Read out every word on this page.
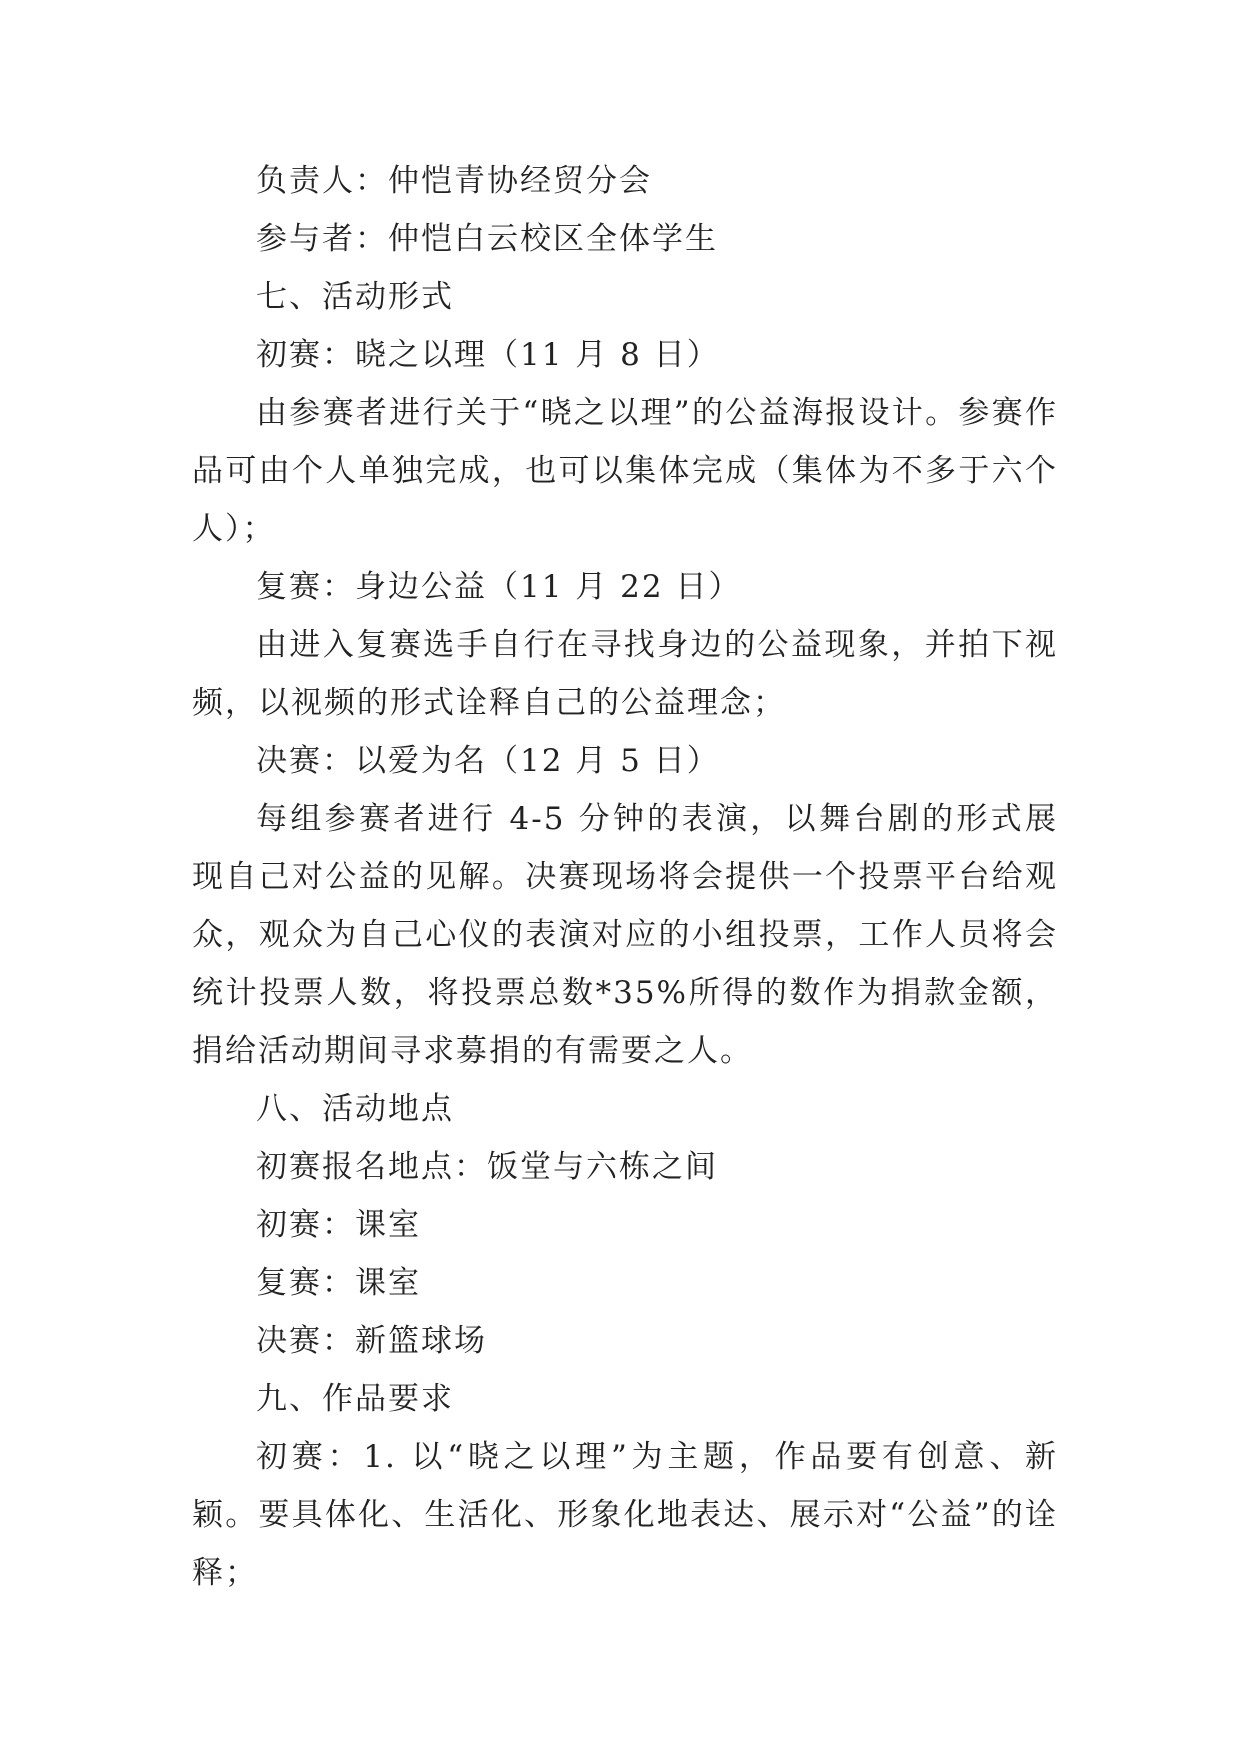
负责人：仲恺青协经贸分会

参与者：仲恺白云校区全体学生

七、活动形式

初赛：晓之以理（11 月 8 日）

由参赛者进行关于“晓之以理”的公益海报设计。参赛作品可由个人单独完成，也可以集体完成（集体为不多于六个人）；

复赛：身边公益（11 月 22 日）

由进入复赛选手自行在寻找身边的公益现象，并拍下视频，以视频的形式诠释自己的公益理念；

决赛：以爱为名（12 月 5 日）

每组参赛者进行 4-5 分钟的表演，以舞台剧的形式展现自己对公益的见解。决赛现场将会提供一个投票平台给观众，观众为自己心仪的表演对应的小组投票，工作人员将会统计投票人数，将投票总数*35%所得的数作为捐款金额，捐给活动期间寻求募捐的有需要之人。

八、活动地点

初赛报名地点：饭堂与六栋之间

初赛：课室

复赛：课室

决赛：新篮球场

九、作品要求

初赛：1. 以“晓之以理”为主题，作品要有创意、新颖。要具体化、生活化、形象化地表达、展示对“公益”的诠释；
